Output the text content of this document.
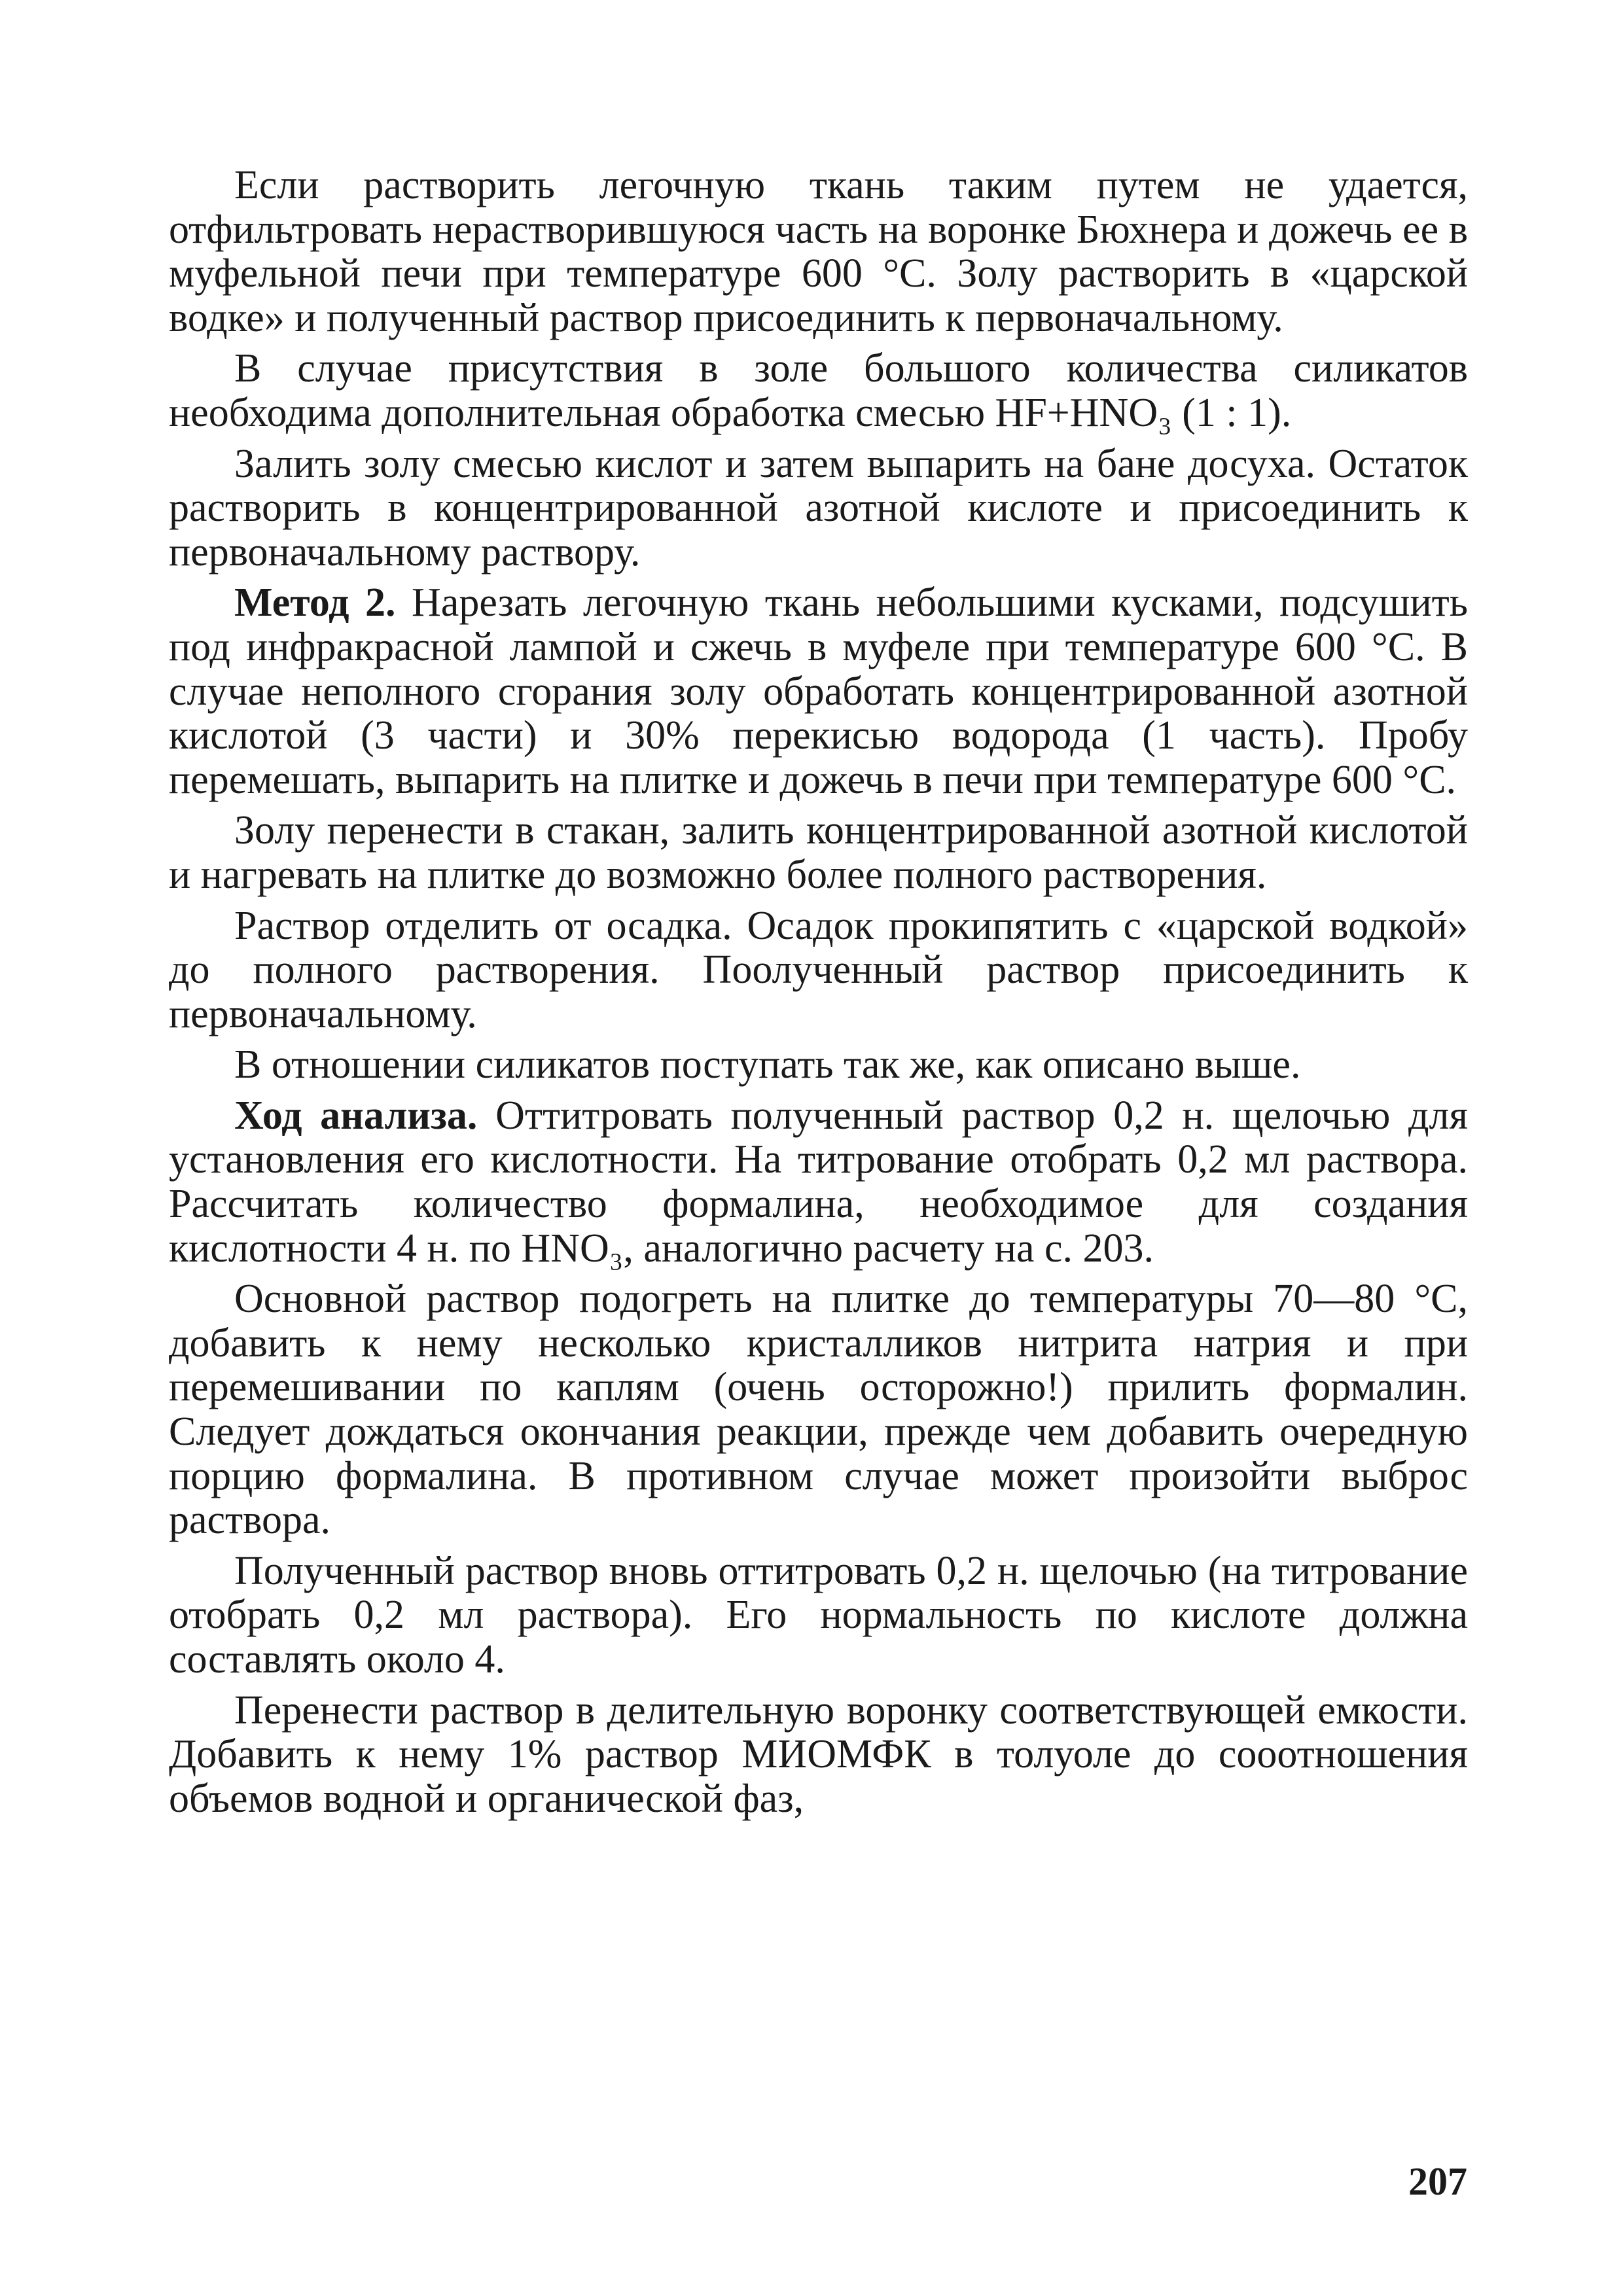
Если растворить легочную ткань таким путем не удается, отфильтровать нерастворившуюся часть на воронке Бюхнера и дожечь ее в муфельной печи при температуре 600 °С. Золу растворить в «царской водке» и полученный раствор присоединить к первоначальному.

В случае присутствия в золе большого количества силикатов необходима дополнительная обработка смесью HF+HNO₃ (1 : 1).

Залить золу смесью кислот и затем выпарить на бане досуха. Остаток растворить в концентрированной азотной кислоте и присоединить к первоначальному раствору.

Метод 2. Нарезать легочную ткань небольшими кусками, подсушить под инфракрасной лампой и сжечь в муфеле при температуре 600 °С. В случае неполного сгорания золу обработать концентрированной азотной кислотой (3 части) и 30% перекисью водорода (1 часть). Пробу перемешать, выпарить на плитке и дожечь в печи при температуре 600 °С.

Золу перенести в стакан, залить концентрированной азотной кислотой и нагревать на плитке до возможно более полного растворения.

Раствор отделить от осадка. Осадок прокипятить с «царской водкой» до полного растворения. Поолученный раствор присоединить к первоначальному.

В отношении силикатов поступать так же, как описано выше.

Ход анализа. Оттитровать полученный раствор 0,2 н. щелочью для установления его кислотности. На титрование отобрать 0,2 мл раствора. Рассчитать количество формалина, необходимое для создания кислотности 4 н. по HNO₃, аналогично расчету на с. 203.

Основной раствор подогреть на плитке до температуры 70—80 °С, добавить к нему несколько кристалликов нитрита натрия и при перемешивании по каплям (очень осторожно!) прилить формалин. Следует дождаться окончания реакции, прежде чем добавить очередную порцию формалина. В противном случае может произойти выброс раствора.

Полученный раствор вновь оттитровать 0,2 н. щелочью (на титрование отобрать 0,2 мл раствора). Его нормальность по кислоте должна составлять около 4.

Перенести раствор в делительную воронку соответствующей емкости. Добавить к нему 1% раствор МИОМФК в толуоле до сооотношения объемов водной и органической фаз,

207
